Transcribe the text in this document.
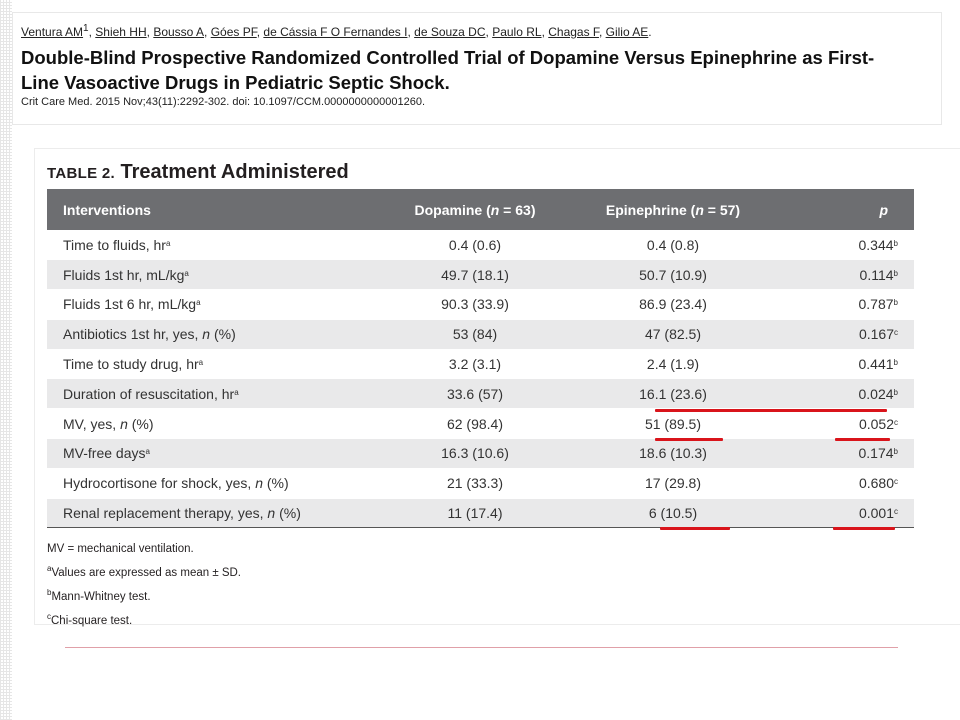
Ventura $AM^1$, Shieh HH, Bousso A, Góes PF, de Cássia F O Fernandes I, de Souza DC, Paulo RL, Chagas F, Gilio AE.
Double-Blind Prospective Randomized Controlled Trial of Dopamine Versus Epinephrine as First-
Line Vasoactive Drugs in Pediatric Septic Shock.
Crit Care Med. 2015 Nov;43(11):2292-302. doi: 10.1097/CCM.0000000000001260.
TABLE 2. Treatment Administered
Interventions	Dopamine (n = 63)	Epinephrine (n = 57)	p
Time to fluids, $hr^a$	0.4 (0.6)	0.4 (0.8)	0.344$^b$
Fluids 1st hr, $mL/kg^a$	49.7 (18.1)	50.7 (10.9)	0.114$^b$
Fluids 1st 6 hr, $mL/kg^a$	90.3 (33.9)	86.9 (23.4)	0.787$^b$
Antibiotics 1st hr, yes, n (%)	53 (84)	47 (82.5)	0.167$^c$
Time to study drug, $hr^a$	3.2 (3.1)	2.4 (1.9)	0.441$^b$
Duration of resuscitation, $hr^a$	33.6 (57)	16.1 (23.6)	0.024$^b$
MV, yes, n (%)	62 (98.4)	51 (89.5)	0.052$^c$
MV-free days$^a$	16.3 (10.6)	18.6 (10.3)	0.174$^b$
Hydrocortisone for shock, yes, n (%)	21 (33.3)	17 (29.8)	0.680$^c$
Renal replacement therapy, yes, n (%)	11 (17.4)	6 (10.5)	0.001$^c$
MV = mechanical ventilation.
$^a$Values are expressed as mean ± SD.
$^b$Mann-Whitney test.
$^c$Chi-square test.
